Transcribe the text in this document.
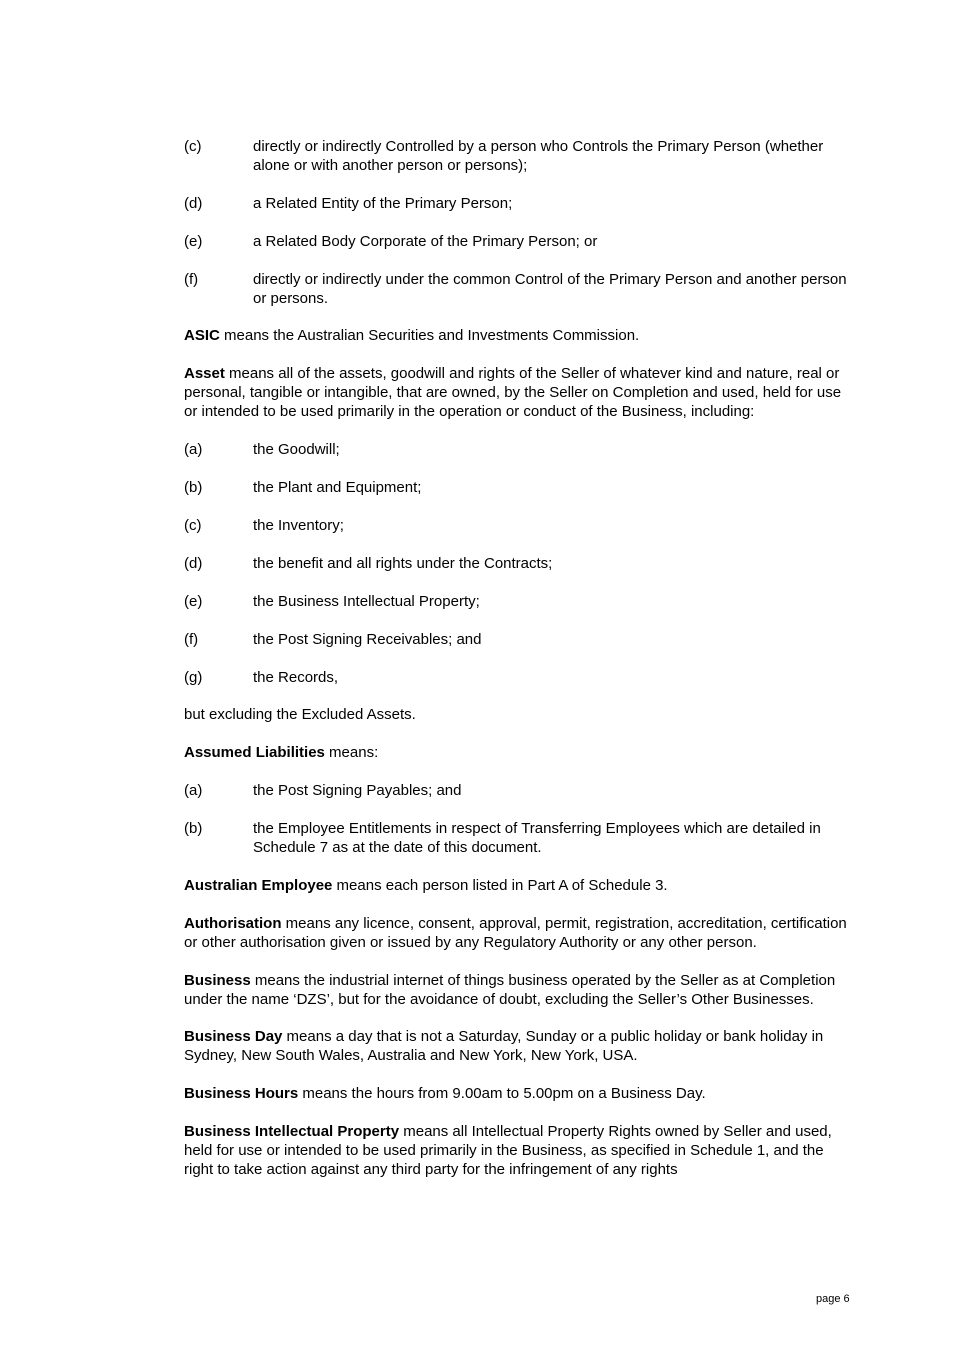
(c)	directly or indirectly Controlled by a person who Controls the Primary Person (whether alone or with another person or persons);
(d)	a Related Entity of the Primary Person;
(e)	a Related Body Corporate of the Primary Person; or
(f)	directly or indirectly under the common Control of the Primary Person and another person or persons.

ASIC means the Australian Securities and Investments Commission.

Asset means all of the assets, goodwill and rights of the Seller of whatever kind and nature, real or personal, tangible or intangible, that are owned, by the Seller on Completion and used, held for use or intended to be used primarily in the operation or conduct of the Business, including:

(a)	the Goodwill;
(b)	the Plant and Equipment;
(c)	the Inventory;
(d)	the benefit and all rights under the Contracts;
(e)	the Business Intellectual Property;
(f)	the Post Signing Receivables; and
(g)	the Records,

but excluding the Excluded Assets.

Assumed Liabilities means:

(a)	the Post Signing Payables; and
(b)	the Employee Entitlements in respect of Transferring Employees which are detailed in Schedule 7 as at the date of this document.

Australian Employee means each person listed in Part A of Schedule 3.

Authorisation means any licence, consent, approval, permit, registration, accreditation, certification or other authorisation given or issued by any Regulatory Authority or any other person.

Business means the industrial internet of things business operated by the Seller as at Completion under the name ‘DZS’, but for the avoidance of doubt, excluding the Seller’s Other Businesses.

Business Day means a day that is not a Saturday, Sunday or a public holiday or bank holiday in Sydney, New South Wales, Australia and New York, New York, USA.

Business Hours means the hours from 9.00am to 5.00pm on a Business Day.

Business Intellectual Property means all Intellectual Property Rights owned by Seller and used, held for use or intended to be used primarily in the Business, as specified in Schedule 1, and the right to take action against any third party for the infringement of any rights

page 6
